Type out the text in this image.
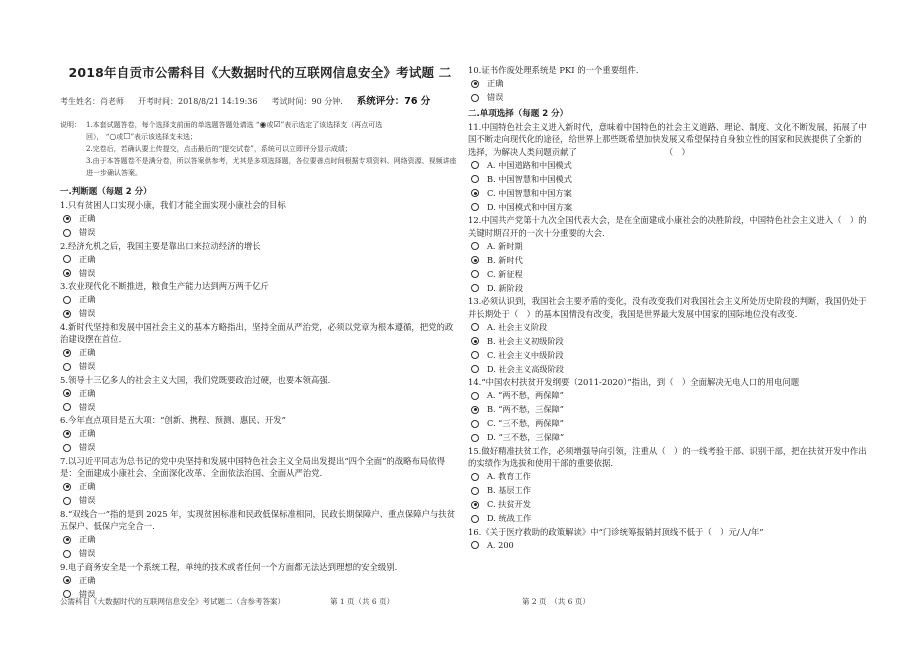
2018年自贡市公需科目《大数据时代的互联网信息安全》考试题 二
考生姓名：肖老师 开考时间：2018/8/21 14:19:36 考试时间：90 分钟. 系统评分：76 分
说明： 1.本套试题答卷，每个选择支前面的单选题答题处请选 “◉或☑”表示选定了该选择支（再点可选
回）， “○或☐”表示该选择支未选；
2.完卷后，若确认要上传提交，点击最后的“提交试卷”，系统可以立即评分显示成绩；
3.由于本答题卷不是满分卷，所以答案供参考，尤其是多项选择题，各位要善点时间根据专项资料、网络资源、视频讲座进一步确认答案。
一.判断题（每题 2 分）
1.只有贫困人口实现小康，我们才能全面实现小康社会的目标
正确
错误
2.经济允机之后，我国主要是靠出口来拉动经济的增长
正确
错误
3.农业现代化不断推进，粮食生产能力达到两万两千亿斤
正确
错误
4.新时代坚持和发展中国社会主义的基本方略指出，坚持全面从严治党，必须以党章为根本遵循，把党的政治建设摆在首位.
正确
错误
5.领导十三亿多人的社会主义大国，我们党既要政治过硬，也要本领高强.
正确
错误
6.今年直点项目是五大项：“创新、携程、预测、惠民、开发”
正确
错误
7.以习近平同志为总书记的党中央坚持和发展中国特色社会主义全局出发提出“四个全面”的战略布局依得是：全面建成小康社会、全面深化改革、全面依法治国、全面从严治党.
正确
错误
8.“双线合一”指的是到 2025 年，实现贫困标准和民政低保标准相同，民政长期保障户、重点保障户与扶贫五保户、低保户完全合一.
正确
错误
9.电子商务安全是一个系统工程，单纯的技术或者任何一个方面都无法达到理想的安全级别.
正确
错误
10.证书作废处理系统是 PKI 的一个重要组件.
正确
错误
二.单项选择（每题 2 分）
11.中国特色社会主义进入新时代，意味着中国特色的社会主义道路、理论、制度、文化不断发展，拓展了中国不断走向现代化的途径，给世界上那些既希望加快发展又希望保持自身独立性的国家和民族提供了全新的选择，为解决人类问题贡献了　　　　　　　　　　　（　）
A. 中国道路和中国模式
B. 中国智慧和中国模式
C. 中国智慧和中国方案
D. 中国模式和中国方案
12.中国共产党第十九次全国代表大会，是在全面建成小康社会的决胜阶段，中国特色社会主义进入（　）的关键时期召开的一次十分重要的大会.
A. 新时期
B. 新时代
C. 新征程
D. 新阶段
13.必须认识到，我国社会主要矛盾的变化，没有改变我们对我国社会主义所处历史阶段的判断，我国仍处于并长期处于（　）的基本国情没有改变，我国是世界最大发展中国家的国际地位没有改变.
A. 社会主义阶段
B. 社会主义初级阶段
C. 社会主义中级阶段
D. 社会主义高级阶段
14.“中国农村扶贫开发纲要（2011-2020）”指出，到（　）全面解决无电人口的用电问题
A. “两不愁，两保障”
B. “两不愁，三保障”
C. “三不愁，两保障”
D. “三不愁，三保障”
15.做好精准扶贫工作，必须增强导向引领，注重从（　）的一线考验干部、识别干部，把在扶贫开发中作出的实绩作为选拔和使用干部的重要依据.
A. 教育工作
B. 基层工作
C. 扶贫开发
D. 统战工作
16.《关于医疗救助的政策解读》中“门诊统筹报销封顶线不低于（　）元/人/年”
A. 200
公需科目《大数据时代的互联网信息安全》考试题二（含参考答案）	第 1 页（共 6 页）	第 2 页　（共 6 页）
